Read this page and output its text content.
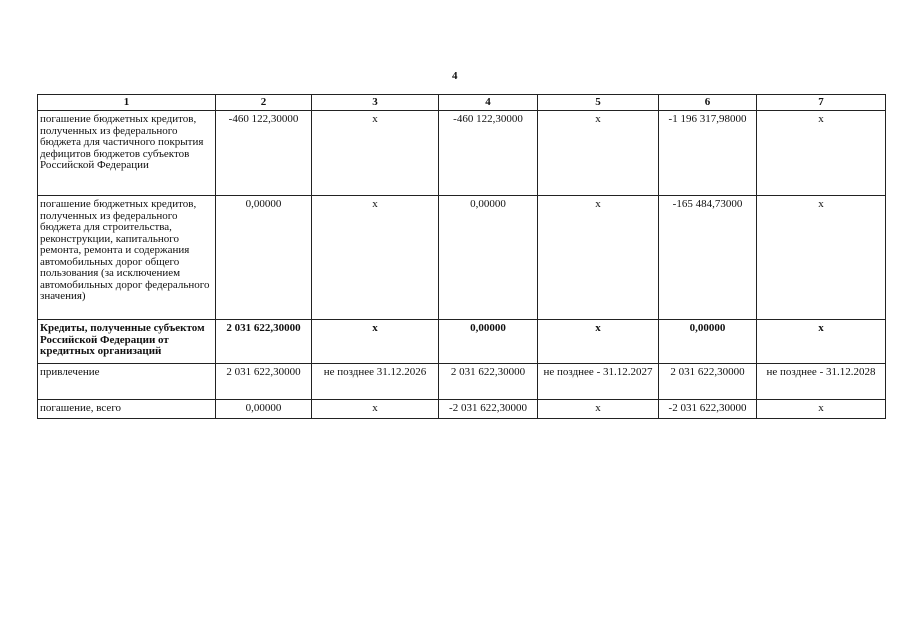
4
1	2	3	4	5	6	7

погашение бюджетных кредитов, полученных из федерального бюджета для частичного покрытия дефицитов бюджетов субъектов Российской Федерации	-460 122,30000	х	-460 122,30000	х	-1 196 317,98000	х

погашение бюджетных кредитов, полученных из федерального бюджета для строительства, реконструкции, капитального ремонта, ремонта и содержания автомобильных дорог общего пользования (за исключением автомобильных дорог федерального значения)	0,00000	х	0,00000	х	-165 484,73000	х

Кредиты, полученные субъектом Российской Федерации от кредитных организаций	2 031 622,30000	х	0,00000	х	0,00000	х

привлечение	2 031 622,30000	не позднее 31.12.2026	2 031 622,30000	не позднее - 31.12.2027	2 031 622,30000	не позднее - 31.12.2028

погашение, всего	0,00000	х	-2 031 622,30000	х	-2 031 622,30000	х
